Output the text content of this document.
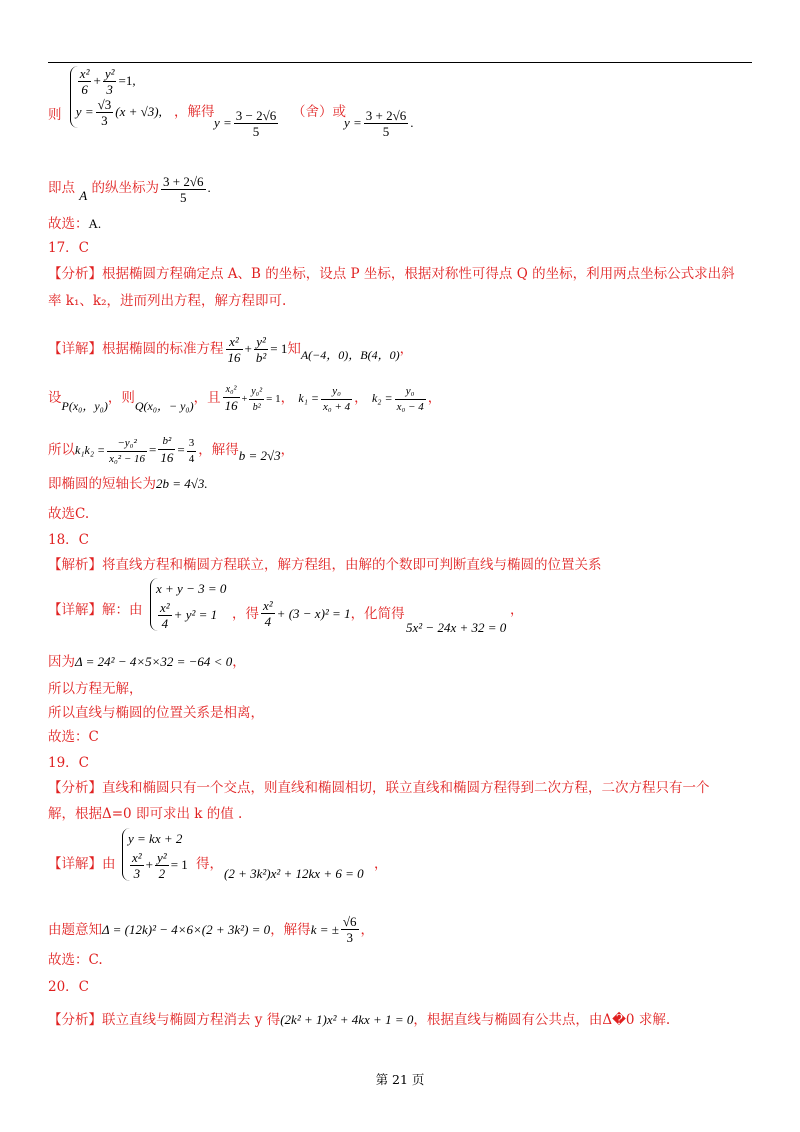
则
$\frac{\text{x²}}{6} + \frac{\text{y²}}{3} =1$,
$y = \frac{√3}{3} (x + √3)$, ，解得
$y = \frac{3 - 2√6}{5}$ （舍）或
$y = \frac{3 + 2√6}{5}$ .
即点 A 的纵坐标为 $\frac{3 + 2√6}{5}$ .
故选：A.
17．C
【分析】根据椭圆方程确定点 A、B 的坐标，设点 P 坐标，根据对称性可得点 Q 的坐标，利用两点坐标公式求出斜
率 k₁、k₂，进而列出方程，解方程即可.
【详解】根据椭圆的标准方程 $\frac{\text{x²}}{16} + \frac{\text{y²}}{\text{b²}} = 1$知A(−4，0)，B(4，0)，
设P(x₀，y₀)，则Q(x₀，− y₀)，且 $\frac{\text{x₀²}}{16} + \frac{\text{y₀²}}{\text{b²}} = 1$， $k_1 = \frac{\text{y₀}}{\text{x₀ + 4}}$ ， $k_2 = \frac{\text{y₀}}{\text{x₀ − 4}}$ ，
所以$k_1k_2 = \frac{\text{−y₀²}}{\text{x₀² − 16}} = \frac{\text{b²}}{16} = \frac{3}{4}$ ，解得b = 2√3，
即椭圆的短轴长为2b = 4√3.
故选C.
18．C
【解析】将直线方程和椭圆方程联立，解方程组，由解的个数即可判断直线与椭圆的位置关系
【详解】解：由
x + y − 3 = 0
$\frac{\text{x²}}{4} + y^2 = 1$	，得 $\frac{\text{x²}}{4} + (3 - x)^2 = 1$，化简得
5x² − 24x + 32 = 0
，
因为Δ = 24² − 4×5×32 = −64 < 0，
所以方程无解，
所以直线与椭圆的位置关系是相离，
故选：C
19．C
【分析】直线和椭圆只有一个交点，则直线和椭圆相切，联立直线和椭圆方程得到二次方程，二次方程只有一个
解，根据Δ=0 即可求出 k 的值 .
【详解】由
y = kx + 2
$\frac{\text{x²}}{3} + \frac{\text{y²}}{2} = 1$ 得，
(2 + 3k²)x² + 12kx + 6 = 0
，
由题意知Δ = (12k)² − 4×6×(2 + 3k²) = 0，解得k = ± $\frac{√6}{3}$ ，
故选：C.
20．C
【分析】联立直线与椭圆方程消去 y 得(2k² + 1)x² + 4kx + 1 = 0，根据直线与椭圆有公共点，由Δ�0 求解.
第 21 页
